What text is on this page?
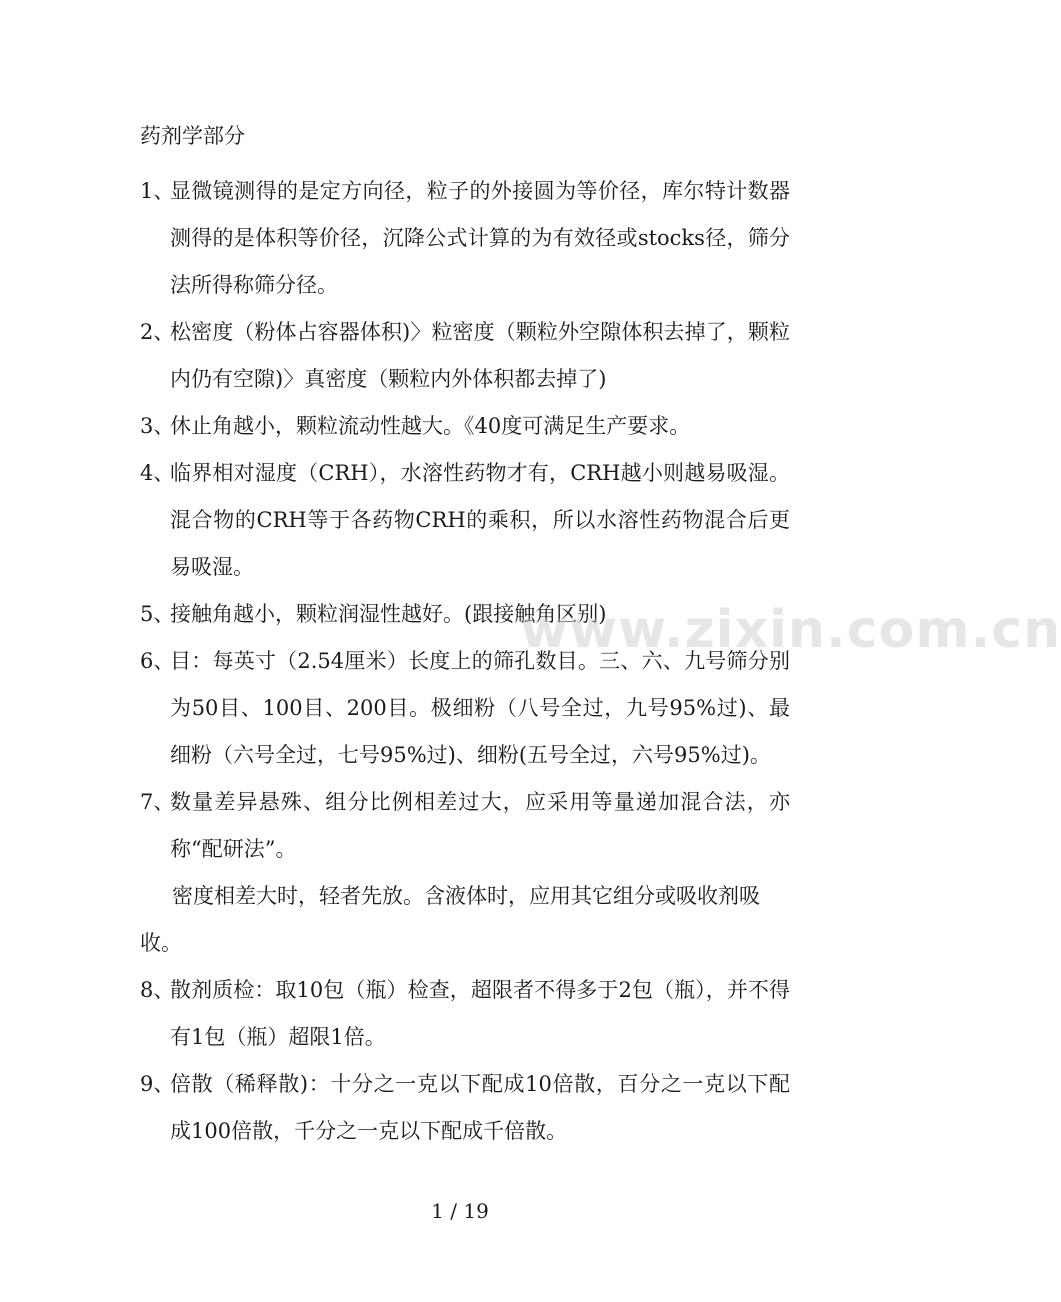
药剂学部分
1、
显微镜测得的是定方向径，粒子的外接圆为等价径，库尔特计数器测得的是体积等价径，沉降公式计算的为有效径或stocks径，筛分法所得称筛分径。
2、
松密度（粉体占容器体积)〉粒密度（颗粒外空隙体积去掉了，颗粒内仍有空隙)〉真密度（颗粒内外体积都去掉了)
3、
休止角越小，颗粒流动性越大。《40度可满足生产要求。
4、
临界相对湿度（CRH），水溶性药物才有，CRH越小则越易吸湿。混合物的CRH等于各药物CRH的乘积，所以水溶性药物混合后更易吸湿。
5、
接触角越小，颗粒润湿性越好。(跟接触角区别)
6、
目：每英寸（2.54厘米）长度上的筛孔数目。三、六、九号筛分别为50目、100目、200目。极细粉（八号全过，九号95%过)、最细粉（六号全过，七号95%过)、细粉(五号全过，六号95%过)。
7、
数量差异悬殊、组分比例相差过大，应采用等量递加混合法，亦称“配研法”。
密度相差大时，轻者先放。含液体时，应用其它组分或吸收剂吸收。
8、
散剂质检：取10包（瓶）检查，超限者不得多于2包（瓶），并不得有1包（瓶）超限1倍。
9、
倍散（稀释散)：十分之一克以下配成10倍散，百分之一克以下配成100倍散，千分之一克以下配成千倍散。
www.zixin.com.cn
1 / 19
